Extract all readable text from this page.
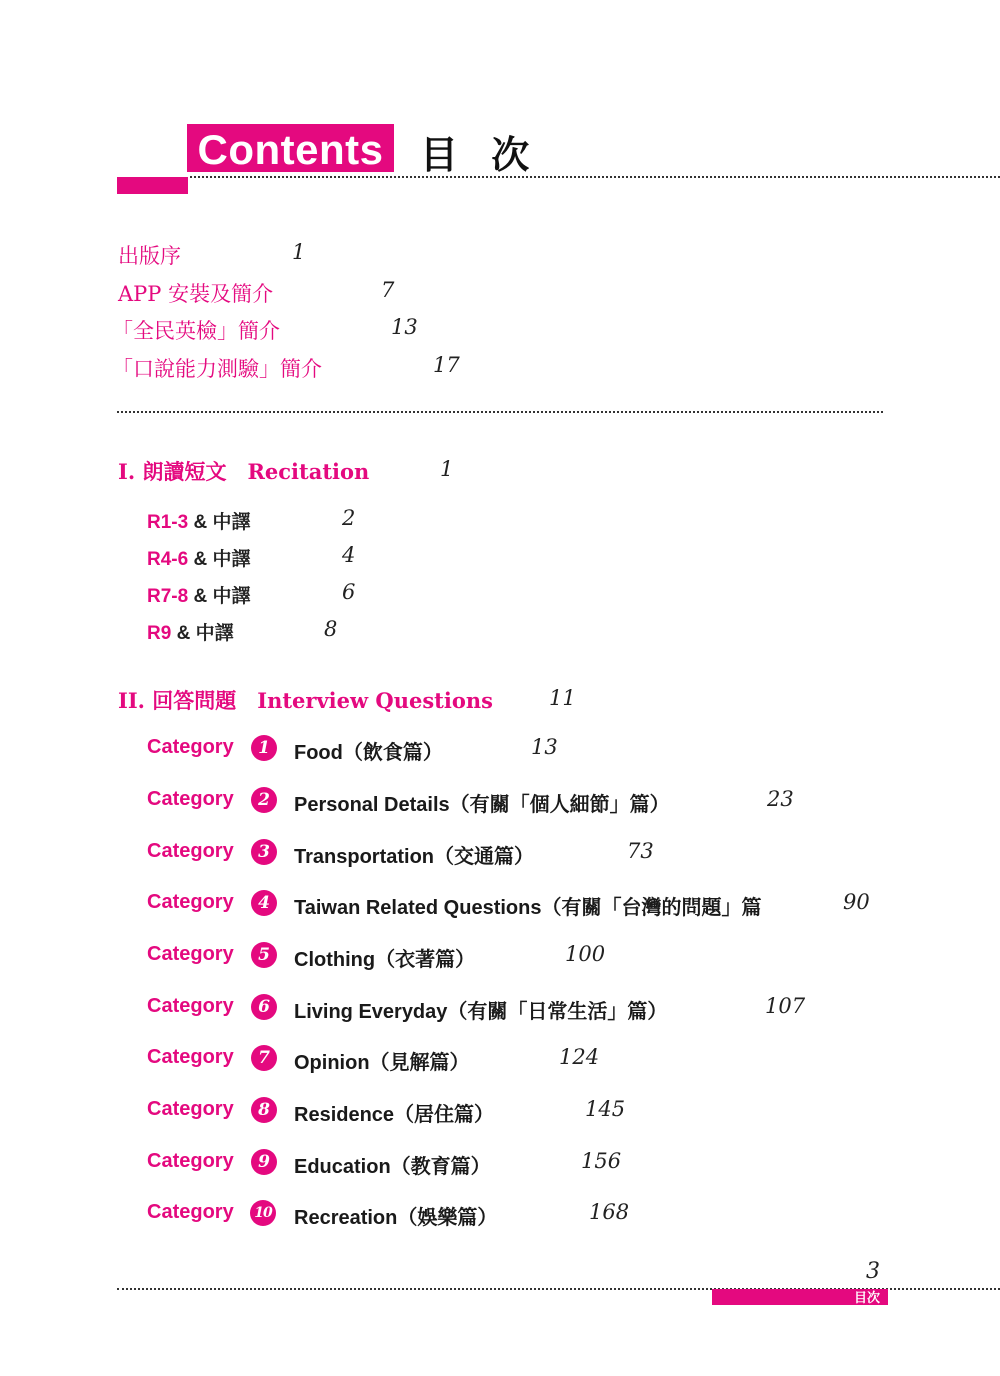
Contents 目 次
出版序	1
APP 安裝及簡介	7
「全民英檢」簡介	13
「口說能力測驗」簡介	17
I. 朗讀短文　Recitation	1
R1-3 & 中譯	2
R4-6 & 中譯	4
R7-8 & 中譯	6
R9 & 中譯	8
II. 回答問題　Interview Questions	11
Category	1	Food（飲食篇）	13
Category	2	Personal Details（有關「個人細節」篇）	23
Category	3	Transportation（交通篇）	73
Category	4	Taiwan Related Questions（有關「台灣的問題」篇	90
Category	5	Clothing（衣著篇）	100
Category	6	Living Everyday（有關「日常生活」篇）	107
Category	7	Opinion（見解篇）	124
Category	8	Residence（居住篇）	145
Category	9	Education（教育篇）	156
Category	10 Recreation（娛樂篇）	168
3
目次
